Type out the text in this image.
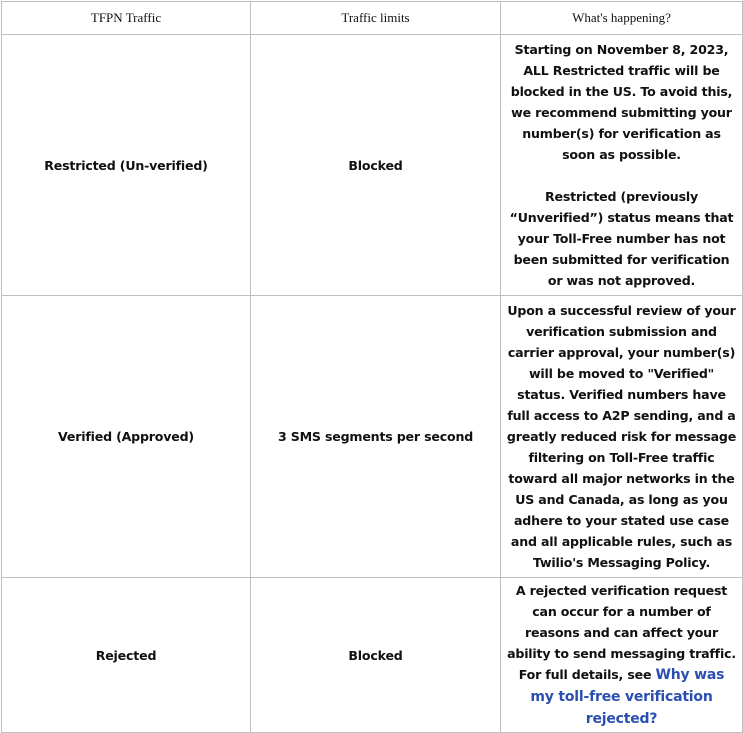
TFPN Traffic	Traffic limits	What's happening?
Restricted (Un-verified)	Blocked	Starting on November 8, 2023, ALL Restricted traffic will be blocked in the US. To avoid this, we recommend submitting your number(s) for verification as soon as possible.
Restricted (previously “Unverified”) status means that your Toll-Free number has not been submitted for verification or was not approved.

Verified (Approved)	3 SMS segments per second	Upon a successful review of your verification submission and carrier approval, your number(s) will be moved to "Verified" status. Verified numbers have full access to A2P sending, and a greatly reduced risk for message filtering on Toll-Free traffic toward all major networks in the US and Canada, as long as you adhere to your stated use case and all applicable rules, such as Twilio's Messaging Policy.

Rejected	Blocked	A rejected verification request can occur for a number of reasons and can affect your ability to send messaging traffic. For full details, see Why was my toll-free verification rejected?
